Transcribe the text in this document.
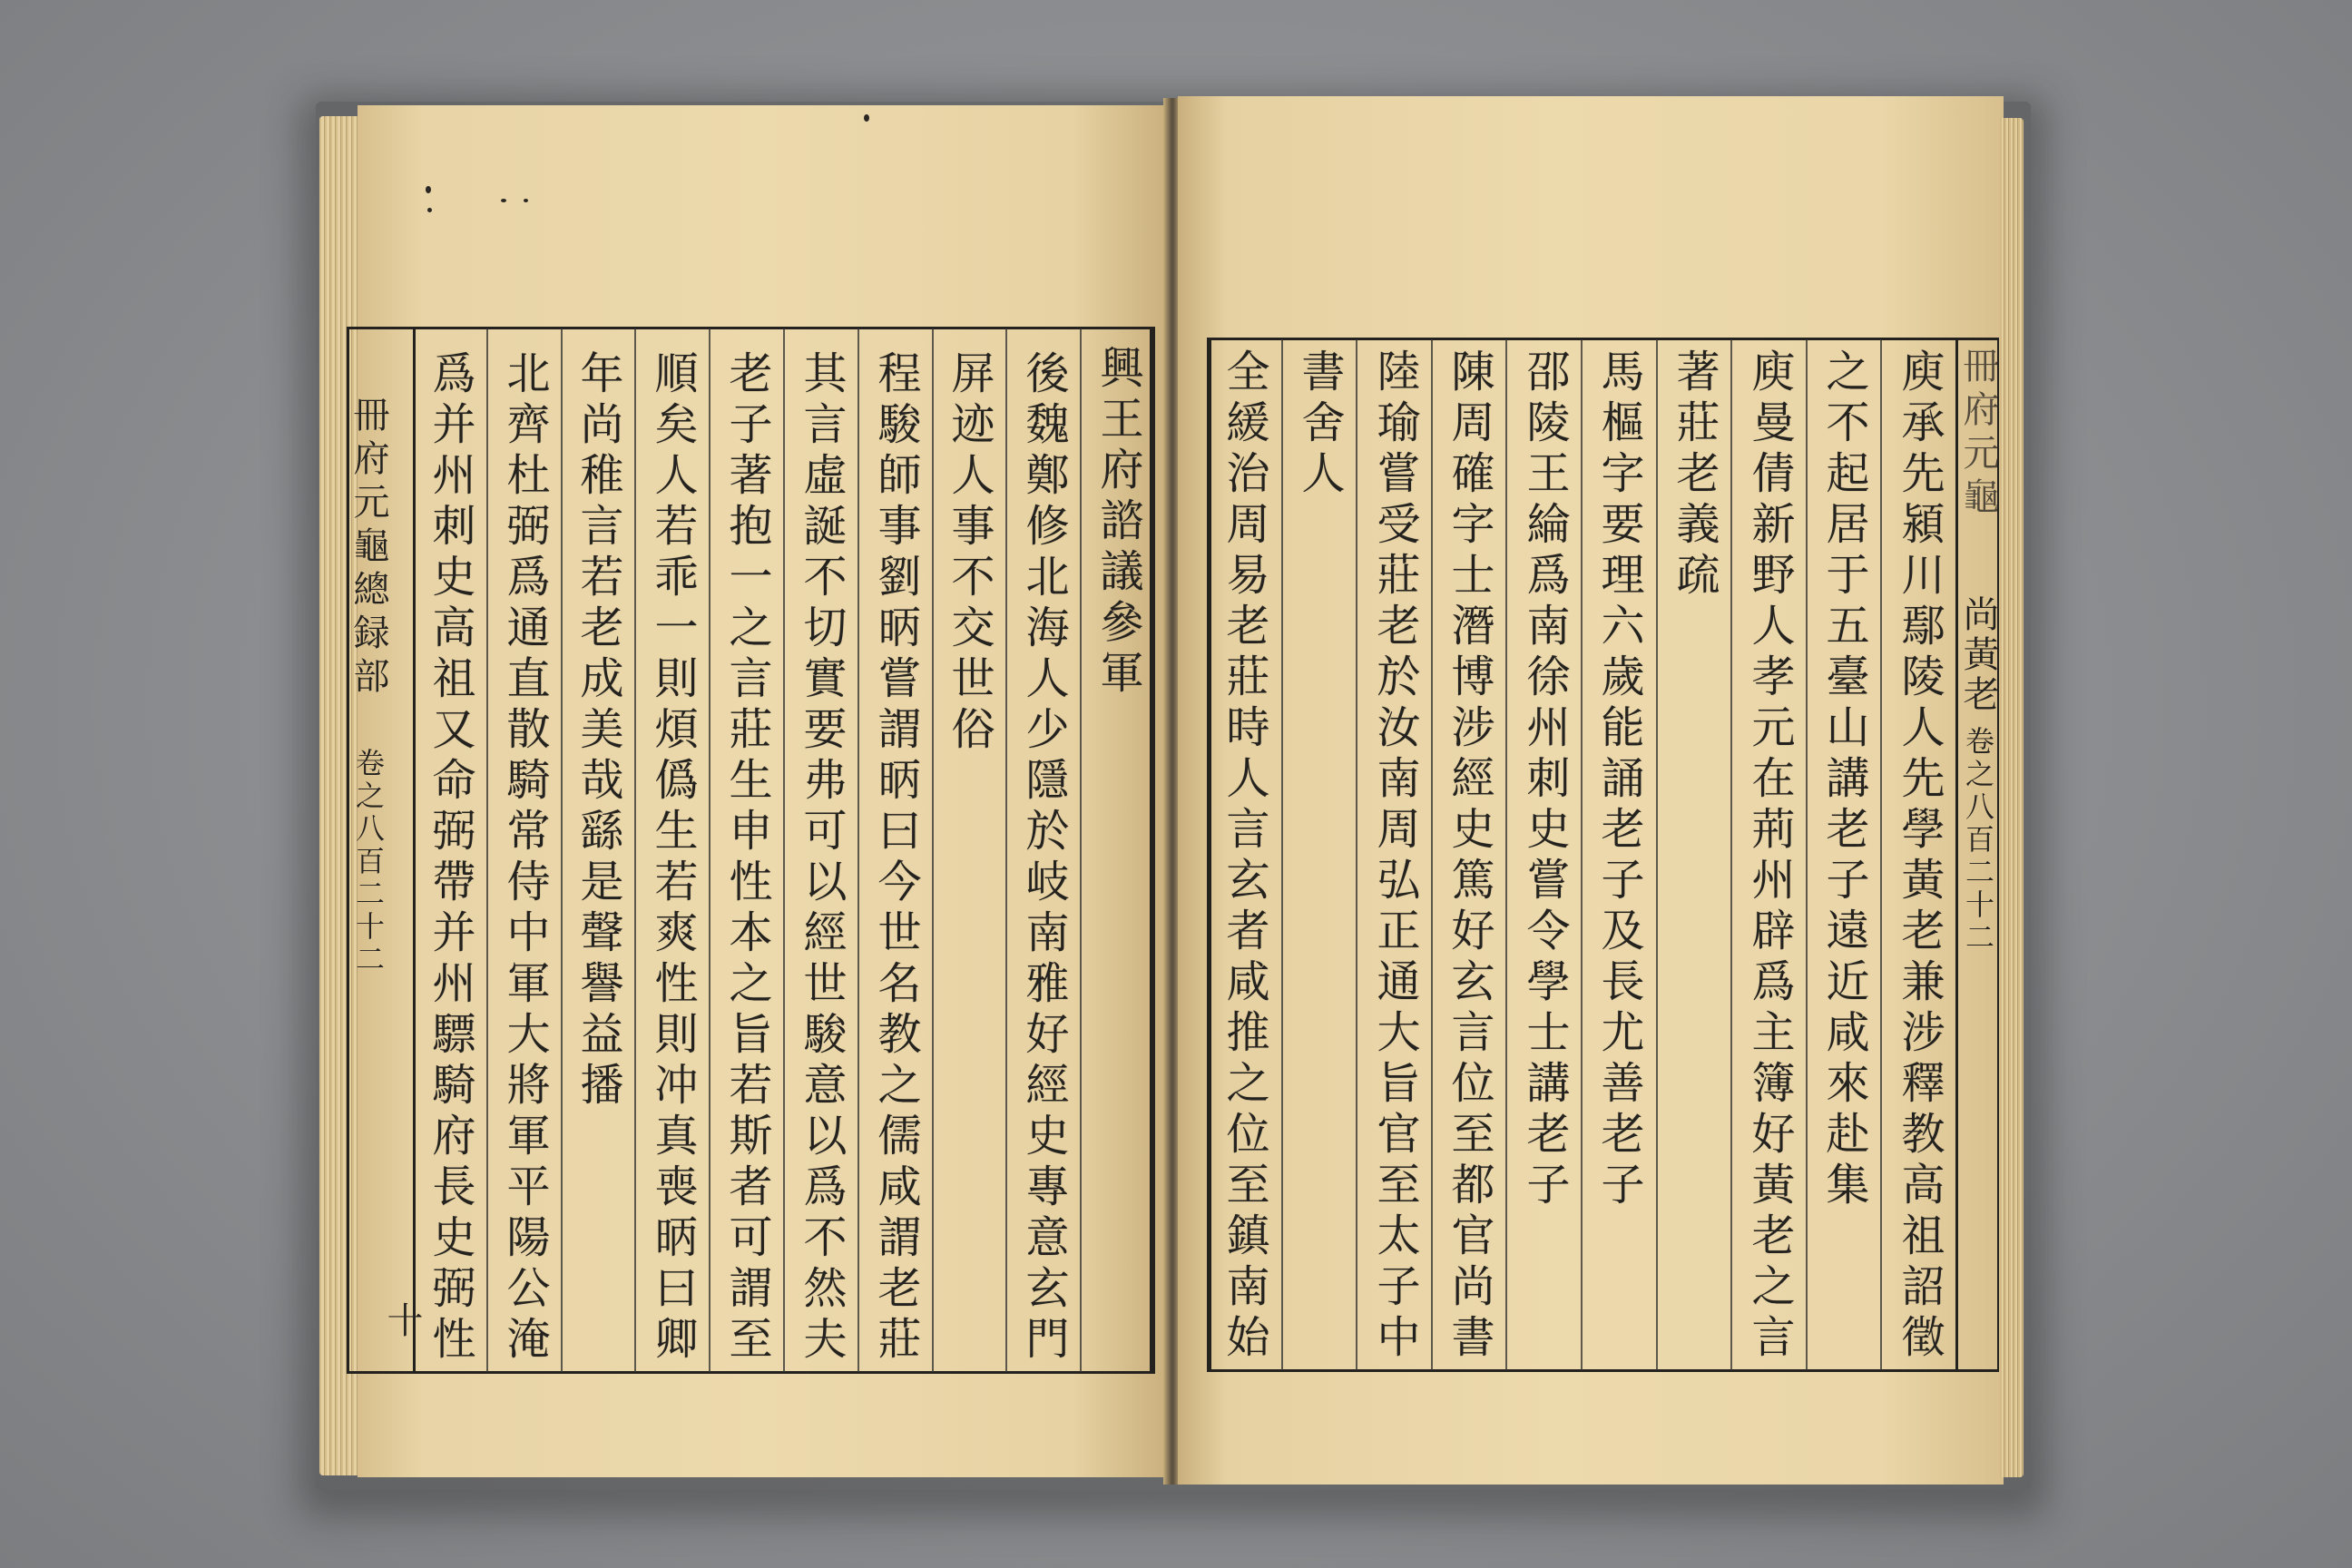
冊府元龜總録部
卷之八百二十二
十
興王府諮議參軍
後魏鄭修北海人少隱於岐南雅好經史專意玄門
屏迹人事不交世俗
程駿師事劉昞嘗謂昞曰今世名教之儒咸謂老莊
其言虛誕不切實要弗可以經世駿意以爲不然夫
老子著抱一之言莊生申性本之旨若斯者可謂至
順矣人若乖一則煩僞生若爽性則冲真喪昞曰卿
年尚稚言若老成美哉繇是聲譽益播
北齊杜弼爲通直散騎常侍中軍大將軍平陽公淹
爲并州刺史高祖又命弼帶并州驃騎府長史弼性	冊府元龜
尚黃老
卷之八百二十二
庾承先潁川鄢陵人先學黃老兼涉釋教高祖詔徵
之不起居于五臺山講老子遠近咸來赴集
庾曼倩新野人孝元在荊州辟爲主簿好黃老之言
著莊老義疏
馬樞字要理六歲能誦老子及長尤善老子
邵陵王綸爲南徐州刺史嘗令學士講老子
陳周確字士潛博涉經史篤好玄言位至都官尚書
陸瑜嘗受莊老於汝南周弘正通大旨官至太子中
書舍人
全緩治周易老莊時人言玄者咸推之位至鎮南始
